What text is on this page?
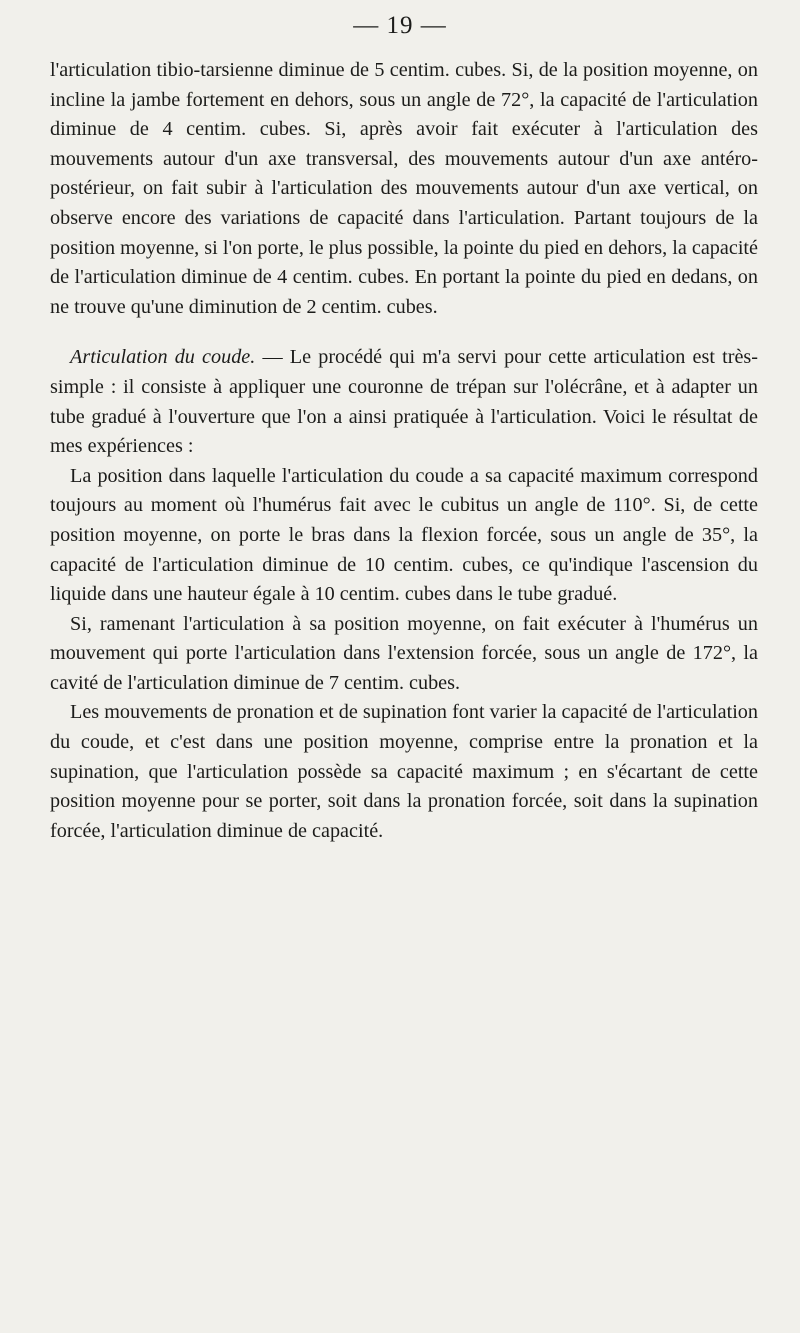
— 19 —

l'articulation tibio-tarsienne diminue de 5 centim. cubes. Si, de la position moyenne, on incline la jambe fortement en dehors, sous un angle de 72°, la capacité de l'articulation diminue de 4 centim. cubes. Si, après avoir fait exécuter à l'articulation des mouvements autour d'un axe transversal, des mouvements autour d'un axe antéro-postérieur, on fait subir à l'articulation des mouvements autour d'un axe vertical, on observe encore des variations de capacité dans l'articulation. Partant toujours de la position moyenne, si l'on porte, le plus possible, la pointe du pied en dehors, la capacité de l'articulation diminue de 4 centim. cubes. En portant la pointe du pied en dedans, on ne trouve qu'une diminution de 2 centim. cubes.

Articulation du coude. — Le procédé qui m'a servi pour cette articulation est très-simple : il consiste à appliquer une couronne de trépan sur l'olécrâne, et à adapter un tube gradué à l'ouverture que l'on a ainsi pratiquée à l'articulation. Voici le résultat de mes expériences :

La position dans laquelle l'articulation du coude a sa capacité maximum correspond toujours au moment où l'humérus fait avec le cubitus un angle de 110°. Si, de cette position moyenne, on porte le bras dans la flexion forcée, sous un angle de 35°, la capacité de l'articulation diminue de 10 centim. cubes, ce qu'indique l'ascension du liquide dans une hauteur égale à 10 centim. cubes dans le tube gradué.

Si, ramenant l'articulation à sa position moyenne, on fait exécuter à l'humérus un mouvement qui porte l'articulation dans l'extension forcée, sous un angle de 172°, la cavité de l'articulation diminue de 7 centim. cubes.

Les mouvements de pronation et de supination font varier la capacité de l'articulation du coude, et c'est dans une position moyenne, comprise entre la pronation et la supination, que l'articulation possède sa capacité maximum ; en s'écartant de cette position moyenne pour se porter, soit dans la pronation forcée, soit dans la supination forcée, l'articulation diminue de capacité.
